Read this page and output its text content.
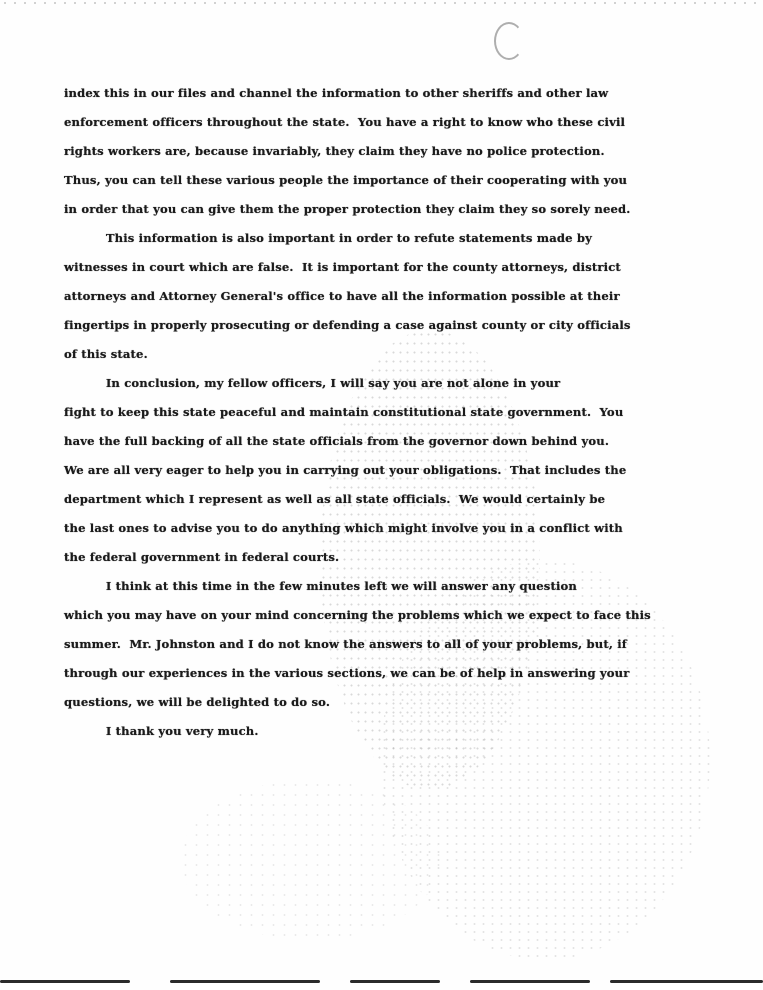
index this in our files and channel the information to other sheriffs and other law
enforcement officers throughout the state.  You have a right to know who these civil
rights workers are, because invariably, they claim they have no police protection.
Thus, you can tell these various people the importance of their cooperating with you
in order that you can give them the proper protection they claim they so sorely need.
This information is also important in order to refute statements made by
witnesses in court which are false.  It is important for the county attorneys, district
attorneys and Attorney General's office to have all the information possible at their
fingertips in properly prosecuting or defending a case against county or city officials
of this state.
In conclusion, my fellow officers, I will say you are not alone in your
fight to keep this state peaceful and maintain constitutional state government.  You
have the full backing of all the state officials from the governor down behind you.
We are all very eager to help you in carrying out your obligations.  That includes the
department which I represent as well as all state officials.  We would certainly be
the last ones to advise you to do anything which might involve you in a conflict with
the federal government in federal courts.
I think at this time in the few minutes left we will answer any question
which you may have on your mind concerning the problems which we expect to face this
summer.  Mr. Johnston and I do not know the answers to all of your problems, but, if
through our experiences in the various sections, we can be of help in answering your
questions, we will be delighted to do so.
I thank you very much.
